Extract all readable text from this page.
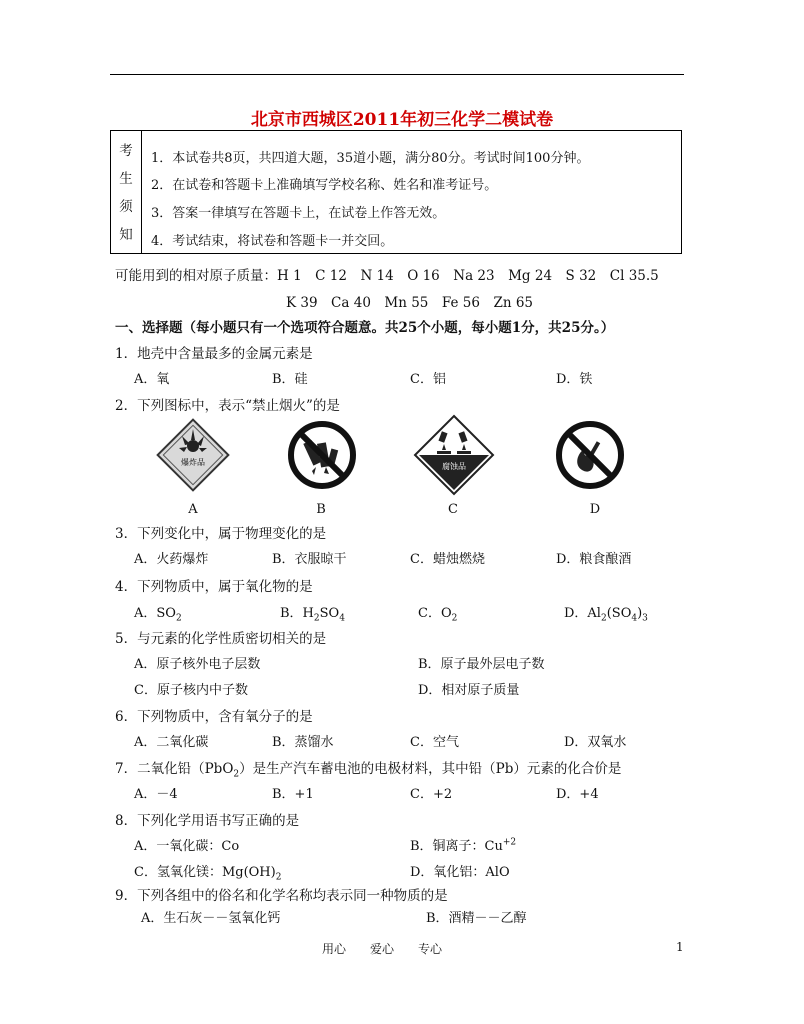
北京市西城区2011年初三化学二模试卷
考
生
须
知
1．本试卷共8页，共四道大题，35道小题，满分80分。考试时间100分钟。
2．在试卷和答题卡上准确填写学校名称、姓名和准考证号。
3．答案一律填写在答题卡上，在试卷上作答无效。
4．考试结束，将试卷和答题卡一并交回。
可能用到的相对原子质量：H 1　C 12　N 14　O 16　Na 23　Mg 24　S 32　Cl 35.5
K 39　Ca 40　Mn 55　Fe 56　Zn 65
一、选择题（每小题只有一个选项符合题意。共25个小题，每小题1分，共25分。）
1．地壳中含量最多的金属元素是
A．氧	B．硅	C．铝	D．铁
2．下列图标中，表示“禁止烟火”的是
爆炸品	腐蚀品
A	B	C	D
3．下列变化中，属于物理变化的是
A．火药爆炸	B．衣服晾干	C．蜡烛燃烧	D．粮食酿酒
4．下列物质中，属于氧化物的是
A．$SO_2$	B．$H_2SO_4$	C．$O_2$	D．$Al_2(SO_4)_3$
5．与元素的化学性质密切相关的是
A．原子核外电子层数	B．原子最外层电子数
C．原子核内中子数	D．相对原子质量
6．下列物质中，含有氧分子的是
A．二氧化碳	B．蒸馏水	C．空气	D．双氧水
7．二氧化铅（PbO$_2$）是生产汽车蓄电池的电极材料，其中铅（Pb）元素的化合价是
A．－4	B．+1	C．+2	D．+4
8．下列化学用语书写正确的是
A．一氧化碳：Co	B．铜离子：$Cu^{+2}$
C．氢氧化镁：$Mg(OH)_2$	D．氧化铝：AlO
9．下列各组中的俗名和化学名称均表示同一种物质的是
A．生石灰－－氢氧化钙	B．酒精－－乙醇
用心　　爱心　　专心	1
